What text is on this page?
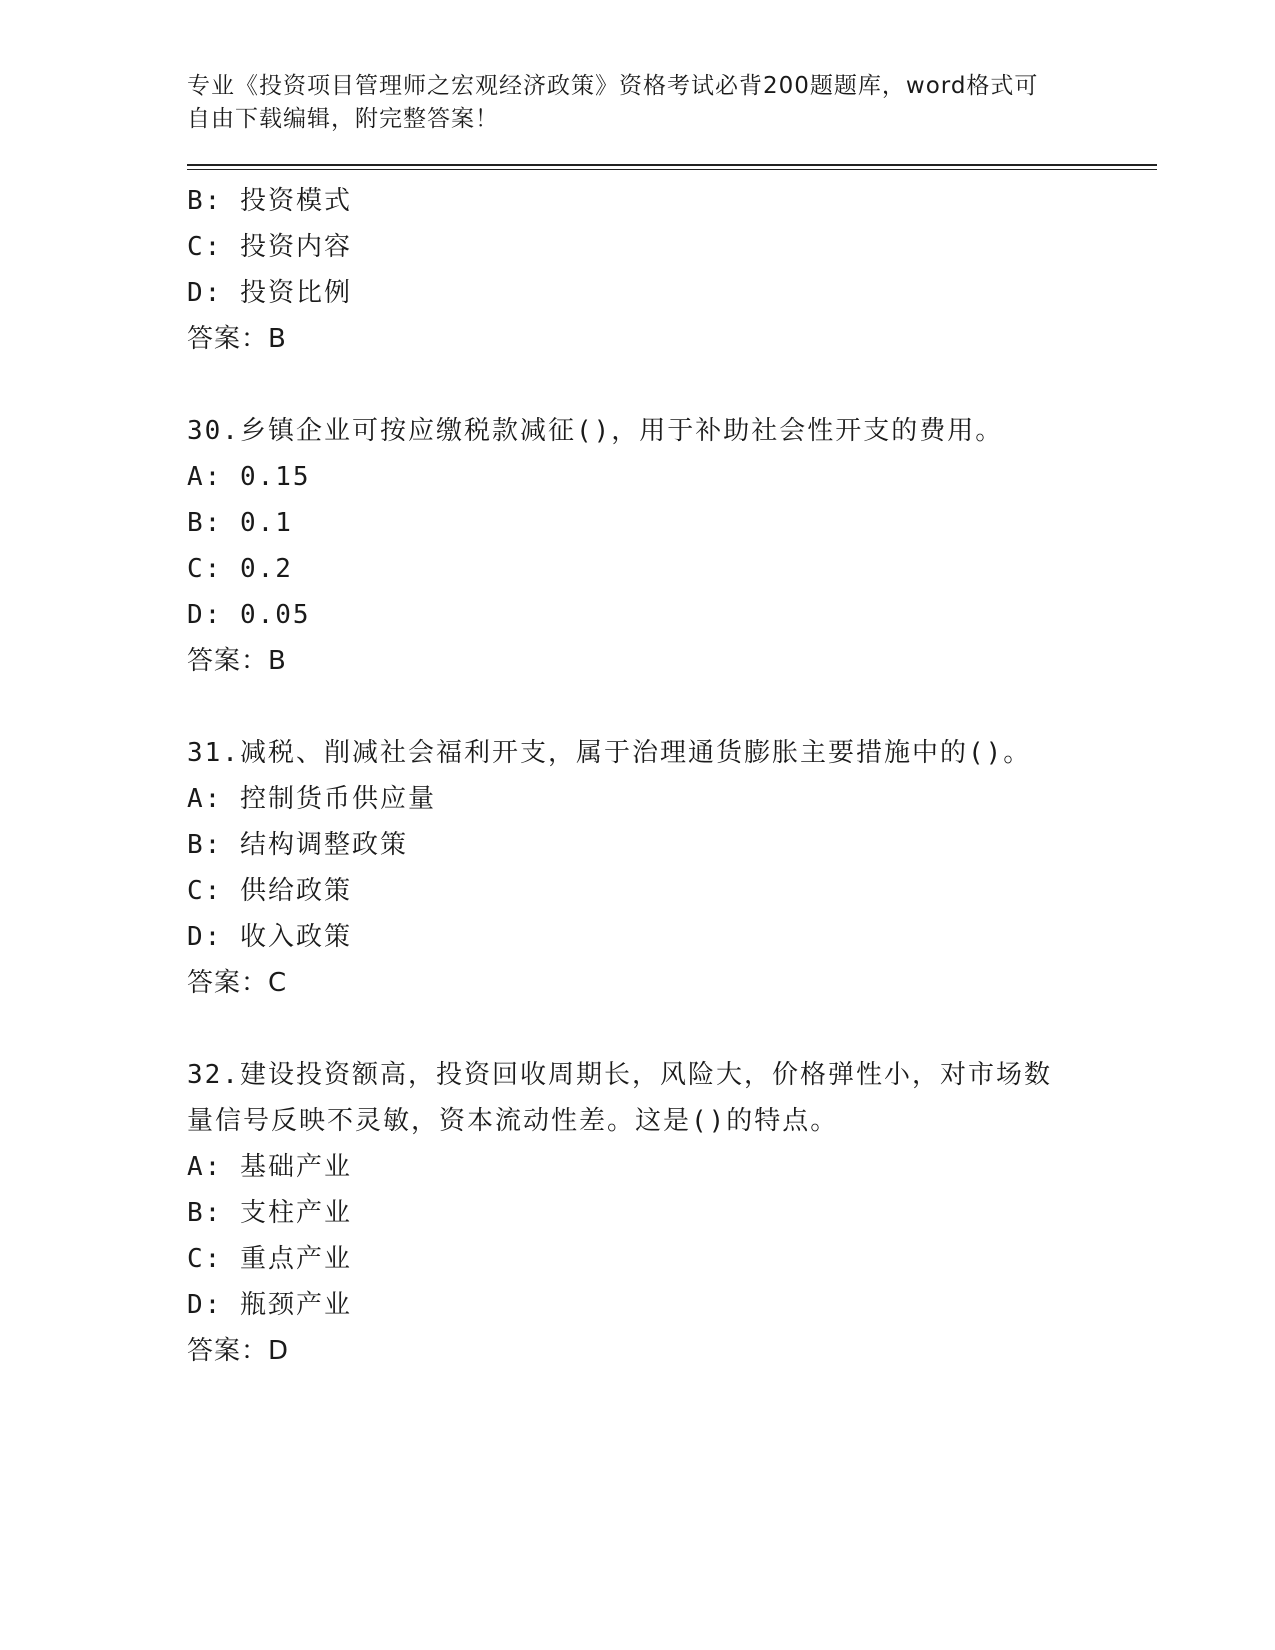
专业《投资项目管理师之宏观经济政策》资格考试必背200题题库，word格式可
自由下载编辑，附完整答案！
B: 投资模式
C: 投资内容
D: 投资比例
答案：B
30.乡镇企业可按应缴税款减征()，用于补助社会性开支的费用。
A: 0.15
B: 0.1
C: 0.2
D: 0.05
答案：B
31.减税、削减社会福利开支，属于治理通货膨胀主要措施中的()。
A: 控制货币供应量
B: 结构调整政策
C: 供给政策
D: 收入政策
答案：C
32.建设投资额高，投资回收周期长，风险大，价格弹性小，对市场数
量信号反映不灵敏，资本流动性差。这是()的特点。
A: 基础产业
B: 支柱产业
C: 重点产业
D: 瓶颈产业
答案：D
